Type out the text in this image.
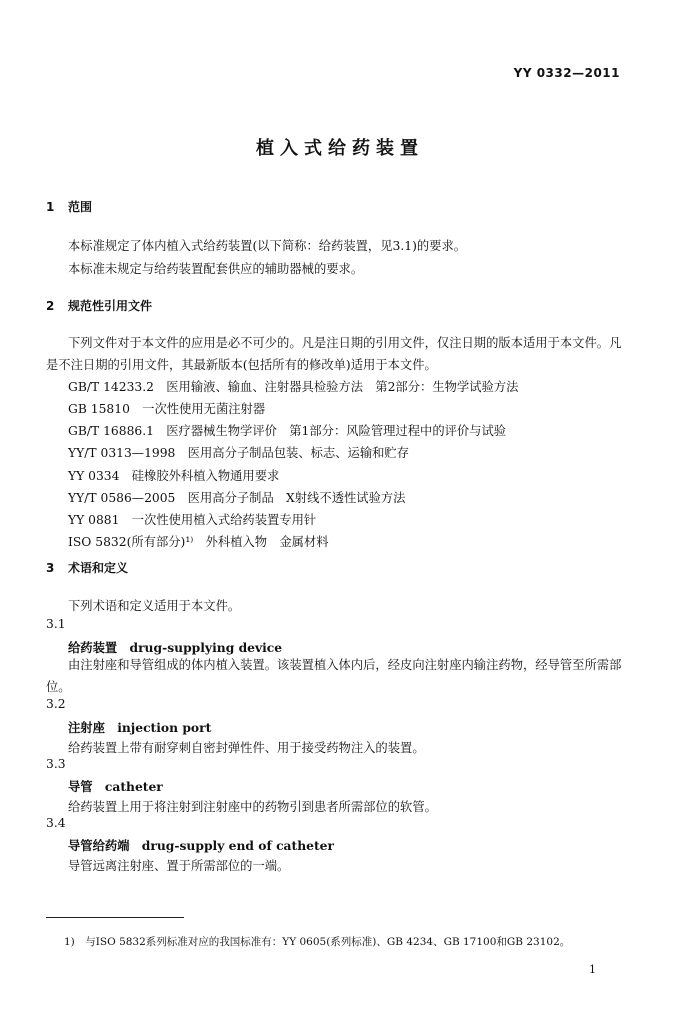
YY 0332—2011
植入式给药装置
1 范围
本标准规定了体内植入式给药装置(以下简称：给药装置，见3.1)的要求。
本标准未规定与给药装置配套供应的辅助器械的要求。
2 规范性引用文件
下列文件对于本文件的应用是必不可少的。凡是注日期的引用文件，仅注日期的版本适用于本文件。凡是不注日期的引用文件，其最新版本(包括所有的修改单)适用于本文件。
GB/T 14233.2　医用输液、输血、注射器具检验方法　第2部分：生物学试验方法
GB 15810　一次性使用无菌注射器
GB/T 16886.1　医疗器械生物学评价　第1部分：风险管理过程中的评价与试验
YY/T 0313—1998　医用高分子制品包装、标志、运输和贮存
YY 0334　硅橡胶外科植入物通用要求
YY/T 0586—2005　医用高分子制品　X射线不透性试验方法
YY 0881　一次性使用植入式给药装置专用针
ISO 5832(所有部分)¹⁾　外科植入物　金属材料
3 术语和定义
下列术语和定义适用于本文件。
3.1
给药装置　drug-supplying device
由注射座和导管组成的体内植入装置。该装置植入体内后，经皮向注射座内输注药物，经导管至所需部位。
3.2
注射座　injection port
给药装置上带有耐穿刺自密封弹性件、用于接受药物注入的装置。
3.3
导管　catheter
给药装置上用于将注射到注射座中的药物引到患者所需部位的软管。
3.4
导管给药端　drug-supply end of catheter
导管远离注射座、置于所需部位的一端。
1)　与ISO 5832系列标准对应的我国标准有：YY 0605(系列标准)、GB 4234、GB 17100和GB 23102。
1
